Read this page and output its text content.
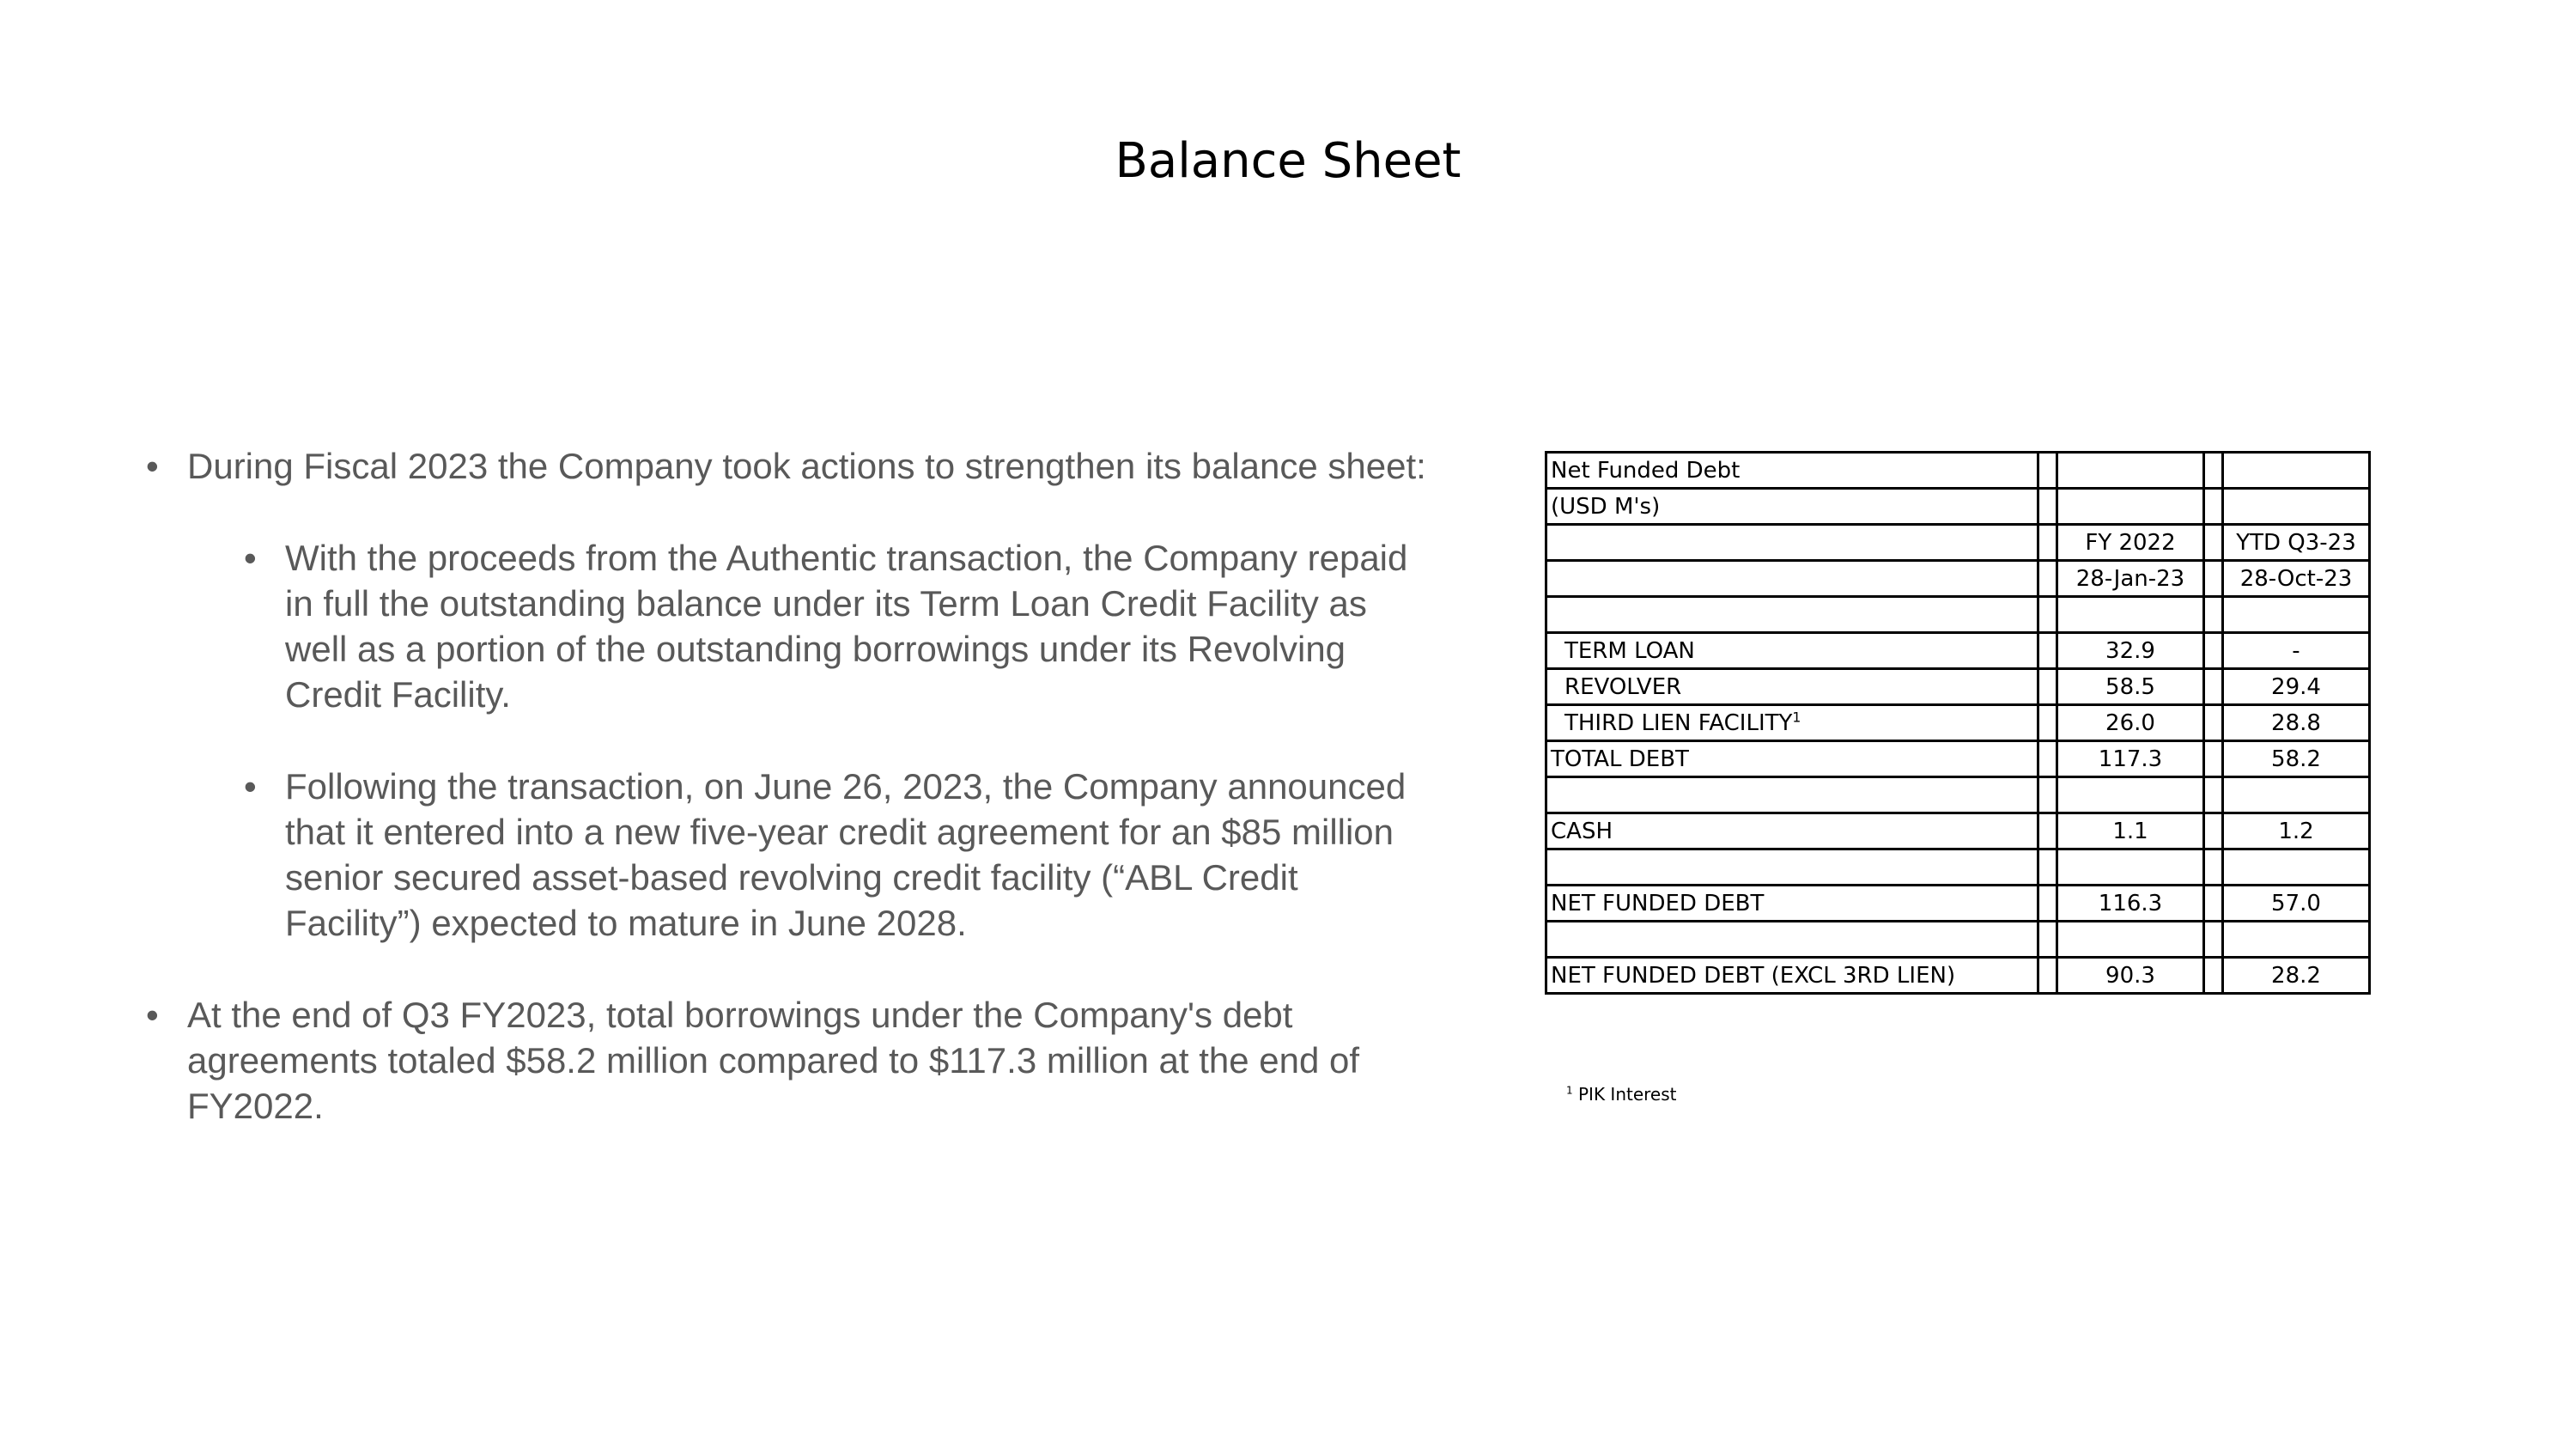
Balance Sheet
• During Fiscal 2023 the Company took actions to strengthen its balance sheet:
• With the proceeds from the Authentic transaction, the Company repaid in full the outstanding balance under its Term Loan Credit Facility as well as a portion of the outstanding borrowings under its Revolving Credit Facility.
• Following the transaction, on June 26, 2023, the Company announced that it entered into a new five-year credit agreement for an $85 million senior secured asset-based revolving credit facility (“ABL Credit Facility”) expected to mature in June 2028.
• At the end of Q3 FY2023, total borrowings under the Company's debt agreements totaled $58.2 million compared to $117.3 million at the end of FY2022.
Net Funded Debt				
(USD M's)				
		FY 2022		YTD Q3-23
		28-Jan-23		28-Oct-23

TERM LOAN		32.9		-
REVOLVER		58.5		29.4
THIRD LIEN FACILITY$^1$		26.0		28.8
TOTAL DEBT		117.3		58.2

CASH		1.1		1.2

NET FUNDED DEBT		116.3		57.0

NET FUNDED DEBT (EXCL 3RD LIEN)		90.3		28.2
$^1$ PIK Interest
